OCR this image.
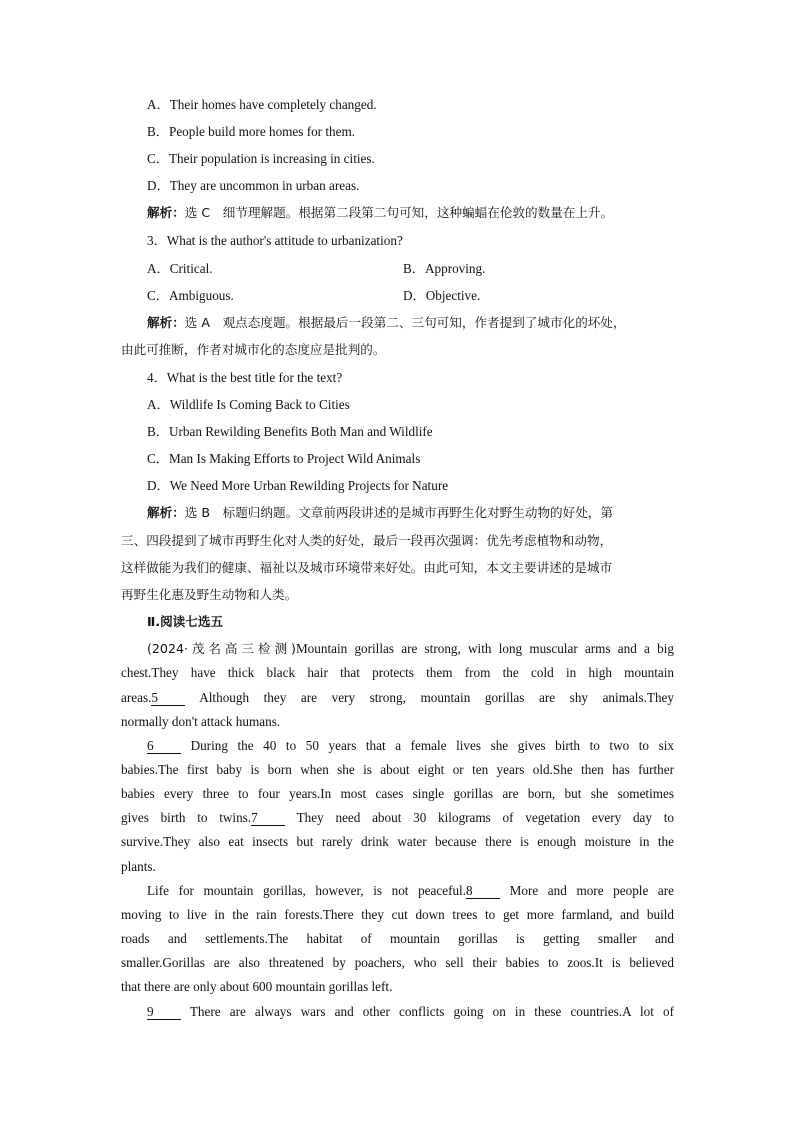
A．Their homes have completely changed.
B．People build more homes for them.
C．Their population is increasing in cities.
D．They are uncommon in urban areas.
解析：选 C　细节理解题。根据第二段第二句可知，这种蝙蝠在伦敦的数量在上升。
3．What is the author's attitude to urbanization?
A．Critical.	B．Approving.
C．Ambiguous.	D．Objective.
解析：选 A　观点态度题。根据最后一段第二、三句可知，作者提到了城市化的坏处，
由此可推断，作者对城市化的态度应是批判的。
4．What is the best title for the text?
A．Wildlife Is Coming Back to Cities
B．Urban Rewilding Benefits Both Man and Wildlife
C．Man Is Making Efforts to Project Wild Animals
D．We Need More Urban Rewilding Projects for Nature
解析：选 B　标题归纳题。文章前两段讲述的是城市再野生化对野生动物的好处，第
三、四段提到了城市再野生化对人类的好处，最后一段再次强调：优先考虑植物和动物，
这样做能为我们的健康、福祉以及城市环境带来好处。由此可知，本文主要讲述的是城市
再野生化惠及野生动物和人类。
Ⅱ.阅读七选五
(2024·茂名高三检测)Mountain gorillas are strong, with long muscular arms and a big
chest.They have thick black hair that protects them from the cold in high mountain
areas.5 Although they are very strong, mountain gorillas are shy animals.They
normally don't attack humans.
6 During the 40 to 50 years that a female lives she gives birth to two to six
babies.The first baby is born when she is about eight or ten years old.She then has further
babies every three to four years.In most cases single gorillas are born, but she sometimes
gives birth to twins.7 They need about 30 kilograms of vegetation every day to
survive.They also eat insects but rarely drink water because there is enough moisture in the
plants.
Life for mountain gorillas, however, is not peaceful.8 More and more people are
moving to live in the rain forests.There they cut down trees to get more farmland, and build
roads and settlements.The habitat of mountain gorillas is getting smaller and
smaller.Gorillas are also threatened by poachers, who sell their babies to zoos.It is believed
that there are only about 600 mountain gorillas left.
9 There are always wars and other conflicts going on in these countries.A lot of
